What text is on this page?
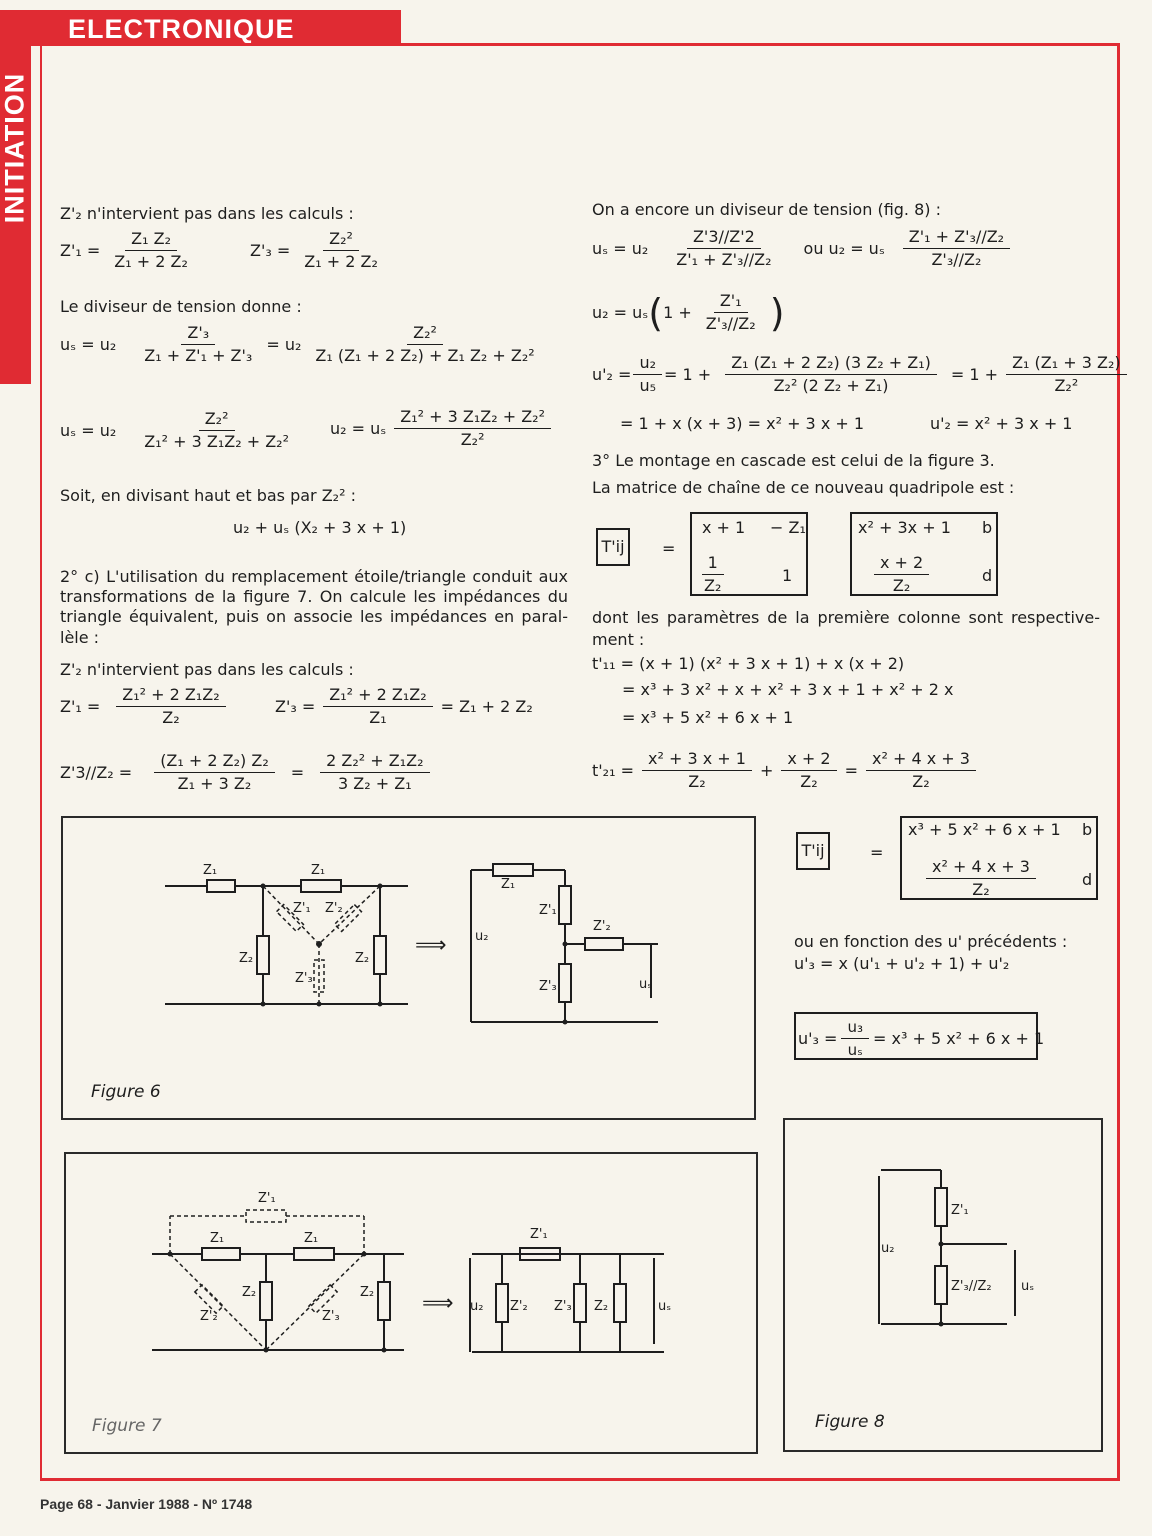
ELECTRONIQUE
INITIATION Z'₂ n'intervient pas dans les calculs :
$Z'_1 = \frac{\text{Z₁ Z₂}}{\text{Z₁ + 2 Z₂}}$	$Z'_3 = \frac{\text{Z₂²}}{\text{Z₁ + 2 Z₂}}$
Le diviseur de tension donne :
$u_s = u_2 \frac{\text{Z'₃}}{\text{Z₁ + Z'₁ + Z'₃}} = u_2 \frac{\text{Z₂²}}{\text{Z₁ (Z₁ + 2 Z₂) + Z₁ Z₂ + Z₂²}}$
$u_s = u_2 \frac{\text{Z₂²}}{\text{Z₁² + 3 Z₁Z₂ + Z₂²}} u_2 = u_s \frac{\text{Z₁² + 3 Z₁Z₂ + Z₂²}}{\text{Z₂²}}$
Soit, en divisant haut et bas par Z₂² :
u₂ + uₛ (X₂ + 3 x + 1)
2° c) L'utilisation du remplacement étoile/triangle conduit aux
transformations de la figure 7. On calcule les impédances du
triangle équivalent, puis on associe les impédances en paral-
lèle :
Z'₂ n'intervient pas dans les calculs :
$Z'_1 = \frac{\text{Z₁² + 2 Z₁Z₂}}{\text{Z₂}}$	$Z'_3 = \frac{\text{Z₁² + 2 Z₁Z₂}}{\text{Z₁}} = Z_1 + 2$ Z₂
$Z'3//Z_2 = \frac{\text{(Z₁ + 2 Z₂) Z₂}}{\text{Z₁ + 3 Z₂}} = \frac{\text{2 Z₂² + Z₁Z₂}}{\text{3 Z₂ + Z₁}}$
On a encore un diviseur de tension (fig. 8) :
$u_s = u_2 \frac{Z'3//Z'2}{\text{Z'₁ + Z'₃//Z₂}}$ ou u₂ = uₛ $\frac{\text{Z'₁ + Z'₃//Z₂}}{\text{Z'₃//Z₂}}$
u₂ = uₛ ( $1 + \frac{\text{Z'₁}}{\text{Z'₃//Z₂}}$ )
$u'_2 = \frac{\text{u₂}}{\text{u₅}} = 1 + \frac{\text{Z₁ (Z₁ + 2 Z₂) (3 Z₂ + Z₁)}}{\text{Z₂² (2 Z₂ + Z₁)}} = 1 + \frac{\text{Z₁ (Z₁ + 3 Z₂)}}{\text{Z₂²}}$
= 1 + x (x + 3) = x² + 3 x + 1	u'₂ = x² + 3 x + 1
3° Le montage en cascade est celui de la figure 3.
La matrice de chaîne de ce nouveau quadripole est :
T'ij	=
x + 1 − Z₁
$\frac{1}{\text{Z₂}}$	1
x² + 3x + 1 b
$\frac{x + 2}{\text{Z₂}}$	d
dont les paramètres de la première colonne sont respective-
ment :
t'₁₁ = (x + 1) (x² + 3 x + 1) + x (x + 2)
= x³ + 3 x² + x + x² + 3 x + 1 + x² + 2 x
= x³ + 5 x² + 6 x + 1
$t'_{21} = \frac{\text{x² + 3 x + 1}}{\text{Z₂}} + \frac{x + 2}{\text{Z₂}} = \frac{\text{x² + 4 x + 3}}{\text{Z₂}}$
T'ij	=
x³ + 5 x² + 6 x + 1 b
$\frac{\text{x² + 4 x + 3}}{\text{Z₂}}$	d
ou en fonction des u' précédents :
u'₃ = x (u'₁ + u'₂ + 1) + u'₂
$u'_3 = \frac{\text{u₃}}{\text{uₛ}} = x^3 + 5$ x² + 6 x + 1
Z₁	Z₁
Z₂	Z₂
Z'₁ Z'₂
Z'₃
Z₁
Z'₁
Z'₂
Z'₃
u₂
uₛ
⟹
Figure 6
Z'₁
Z₁	Z₁
Z₂	Z₂
Z'₂	Z'₃
Z'₁
u₂ Z'₂ Z'₃ Z₂	uₛ
⟹
Figure 7
Z'₁
Z'₃//Z₂
u₂
uₛ
Figure 8
Page 68 - Janvier 1988 - Nº 1748
